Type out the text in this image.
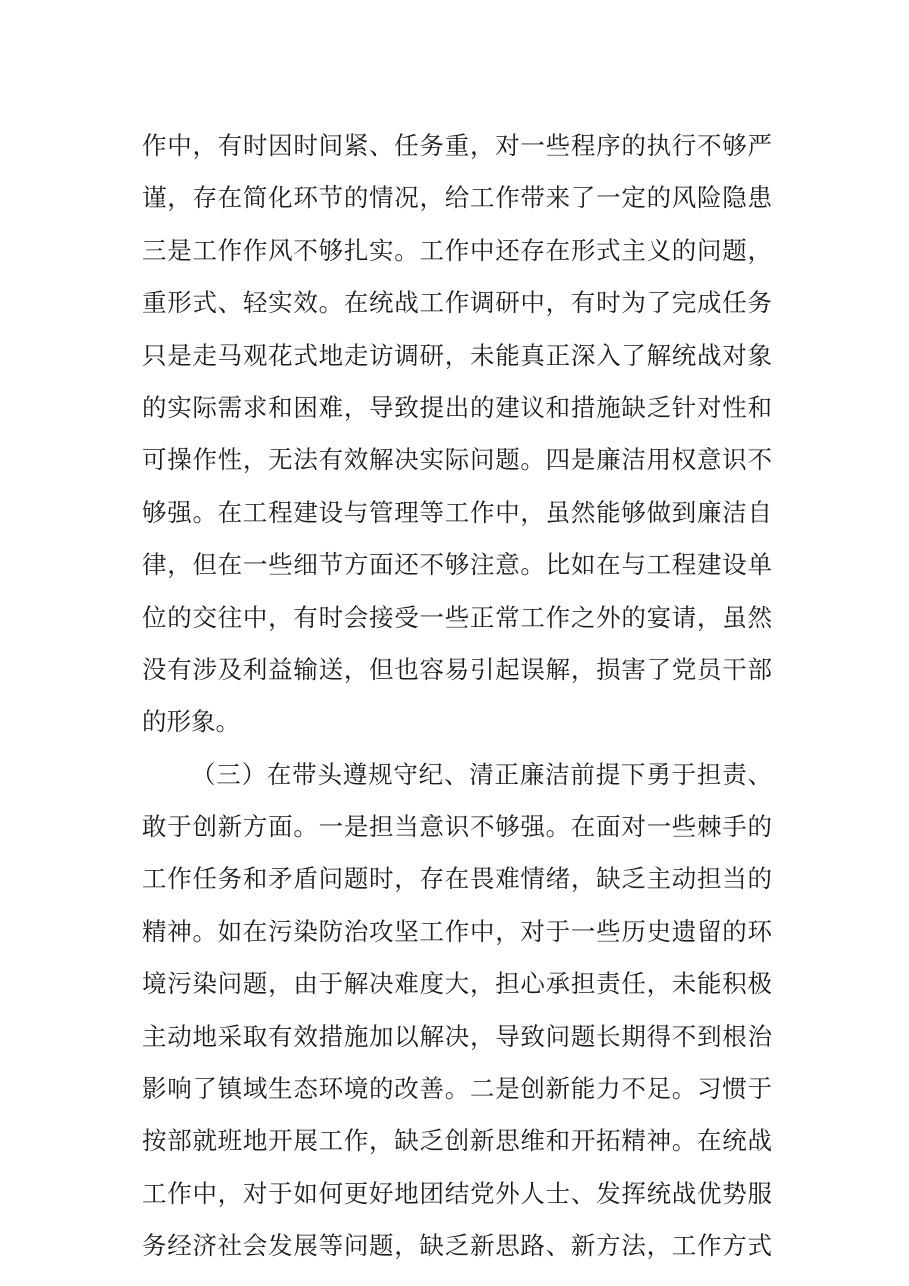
作中，有时因时间紧、任务重，对一些程序的执行不够严
谨，存在简化环节的情况，给工作带来了一定的风险隐患
三是工作作风不够扎实。工作中还存在形式主义的问题，
重形式、轻实效。在统战工作调研中，有时为了完成任务
只是走马观花式地走访调研，未能真正深入了解统战对象
的实际需求和困难，导致提出的建议和措施缺乏针对性和
可操作性，无法有效解决实际问题。四是廉洁用权意识不
够强。在工程建设与管理等工作中，虽然能够做到廉洁自
律，但在一些细节方面还不够注意。比如在与工程建设单
位的交往中，有时会接受一些正常工作之外的宴请，虽然
没有涉及利益输送，但也容易引起误解，损害了党员干部
的形象。
（三）在带头遵规守纪、清正廉洁前提下勇于担责、
敢于创新方面。一是担当意识不够强。在面对一些棘手的
工作任务和矛盾问题时，存在畏难情绪，缺乏主动担当的
精神。如在污染防治攻坚工作中，对于一些历史遗留的环
境污染问题，由于解决难度大，担心承担责任，未能积极
主动地采取有效措施加以解决，导致问题长期得不到根治
影响了镇域生态环境的改善。二是创新能力不足。习惯于
按部就班地开展工作，缺乏创新思维和开拓精神。在统战
工作中，对于如何更好地团结党外人士、发挥统战优势服
务经济社会发展等问题，缺乏新思路、新方法，工作方式
